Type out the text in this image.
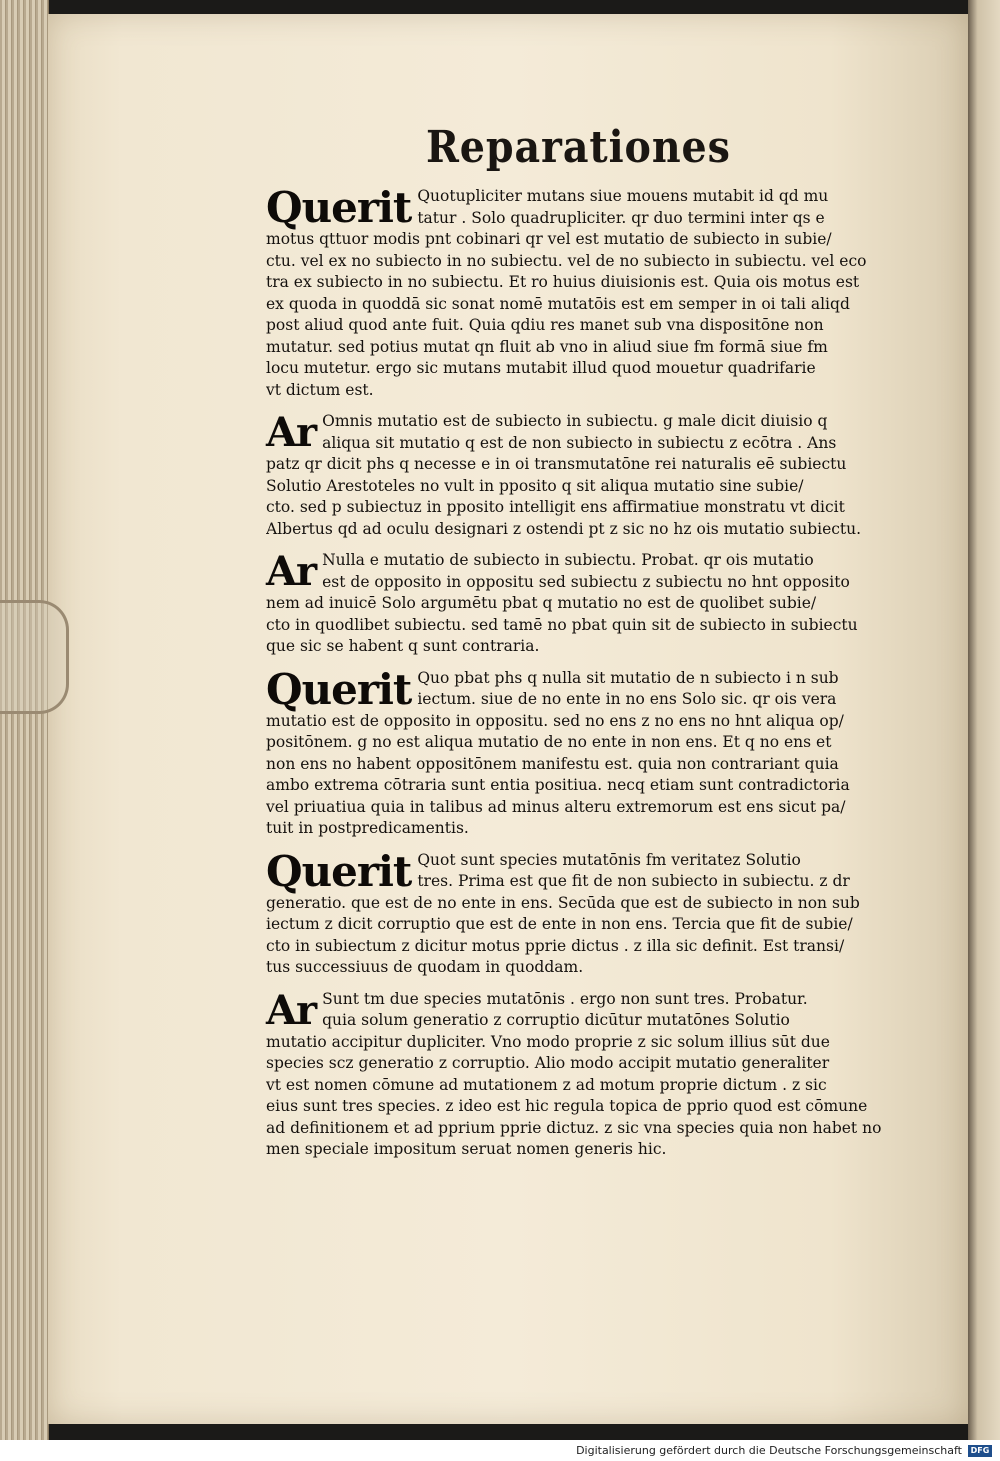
Reparationes
Querit Quotupliciter mutans siue mouens mutabit id qd mu
tatur . Solo quadrupliciter. qr duo termini inter qs e
motus qttuor modis pnt cobinari qr vel est mutatio de subiecto in subie/
ctu. vel ex no subiecto in no subiectu. vel de no subiecto in subiectu. vel eco
tra ex subiecto in no subiectu. Et ro huius diuisionis est. Quia ois motus est
ex quoda in quoddā sic sonat nomē mutatōis est em semper in oi tali aliqd
post aliud quod ante fuit. Quia qdiu res manet sub vna dispositōne non
mutatur. sed potius mutat qn fluit ab vno in aliud siue fm formā siue fm
locu mutetur. ergo sic mutans mutabit illud quod mouetur quadrifarie
vt dictum est.
Ar Omnis mutatio est de subiecto in subiectu. g male dicit diuisio q
aliqua sit mutatio q est de non subiecto in subiectu z ecōtra . Ans
patz qr dicit phs q necesse e in oi transmutatōne rei naturalis eē subiectu
Solutio Arestoteles no vult in pposito q sit aliqua mutatio sine subie/
cto. sed p subiectuz in pposito intelligit ens affirmatiue monstratu vt dicit
Albertus qd ad oculu designari z ostendi pt z sic no hz ois mutatio subiectu.
Ar Nulla e mutatio de subiecto in subiectu. Probat. qr ois mutatio
est de opposito in oppositu sed subiectu z subiectu no hnt opposito
nem ad inuicē Solo argumētu pbat q mutatio no est de quolibet subie/
cto in quodlibet subiectu. sed tamē no pbat quin sit de subiecto in subiectu
que sic se habent q sunt contraria.
Querit Quo pbat phs q nulla sit mutatio de n subiecto i n sub
iectum. siue de no ente in no ens Solo sic. qr ois vera
mutatio est de opposito in oppositu. sed no ens z no ens no hnt aliqua op/
positōnem. g no est aliqua mutatio de no ente in non ens. Et q no ens et
non ens no habent oppositōnem manifestu est. quia non contrariant quia
ambo extrema cōtraria sunt entia positiua. necq etiam sunt contradictoria
vel priuatiua quia in talibus ad minus alteru extremorum est ens sicut pa/
tuit in postpredicamentis.
Querit Quot sunt species mutatōnis fm veritatez Solutio
tres. Prima est que fit de non subiecto in subiectu. z dr
generatio. que est de no ente in ens. Secūda que est de subiecto in non sub
iectum z dicit corruptio que est de ente in non ens. Tercia que fit de subie/
cto in subiectum z dicitur motus pprie dictus . z illa sic definit. Est transi/
tus successiuus de quodam in quoddam.
Ar Sunt tm due species mutatōnis . ergo non sunt tres. Probatur.
quia solum generatio z corruptio dicūtur mutatōnes Solutio
mutatio accipitur dupliciter. Vno modo proprie z sic solum illius sūt due
species scz generatio z corruptio. Alio modo accipit mutatio generaliter
vt est nomen cōmune ad mutationem z ad motum proprie dictum . z sic
eius sunt tres species. z ideo est hic regula topica de pprio quod est cōmune
ad definitionem et ad pprium pprie dictuz. z sic vna species quia non habet no
men speciale impositum seruat nomen generis hic.
Digitalisierung gefördert durch die Deutsche Forschungsgemeinschaft DFG
